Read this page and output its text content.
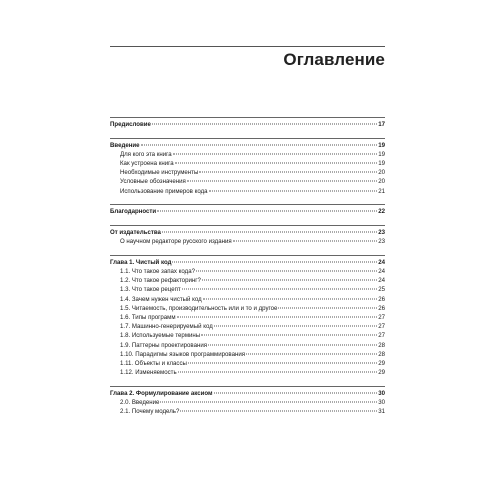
Оглавление
Предисловие	17
Введение	19
Для кого эта книга	19
Как устроена книга	19
Необходимые инструменты	20
Условные обозначения	20
Использование примеров кода	21
Благодарности	22
От издательства	23
О научном редакторе русского издания	23
Глава 1. Чистый код	24
1.1. Что такое запах кода?	24
1.2. Что такое рефакторинг?	24
1.3. Что такое рецепт	25
1.4. Зачем нужен чистый код	26
1.5. Читаемость, производительность или и то и другое	26
1.6. Типы программ	27
1.7. Машинно-генерируемый код	27
1.8. Используемые термины	27
1.9. Паттерны проектирования	28
1.10. Парадигмы языков программирования	28
1.11. Объекты и классы	29
1.12. Изменяемость	29
Глава 2. Формулирование аксиом	30
2.0. Введение	30
2.1. Почему модель?	31
